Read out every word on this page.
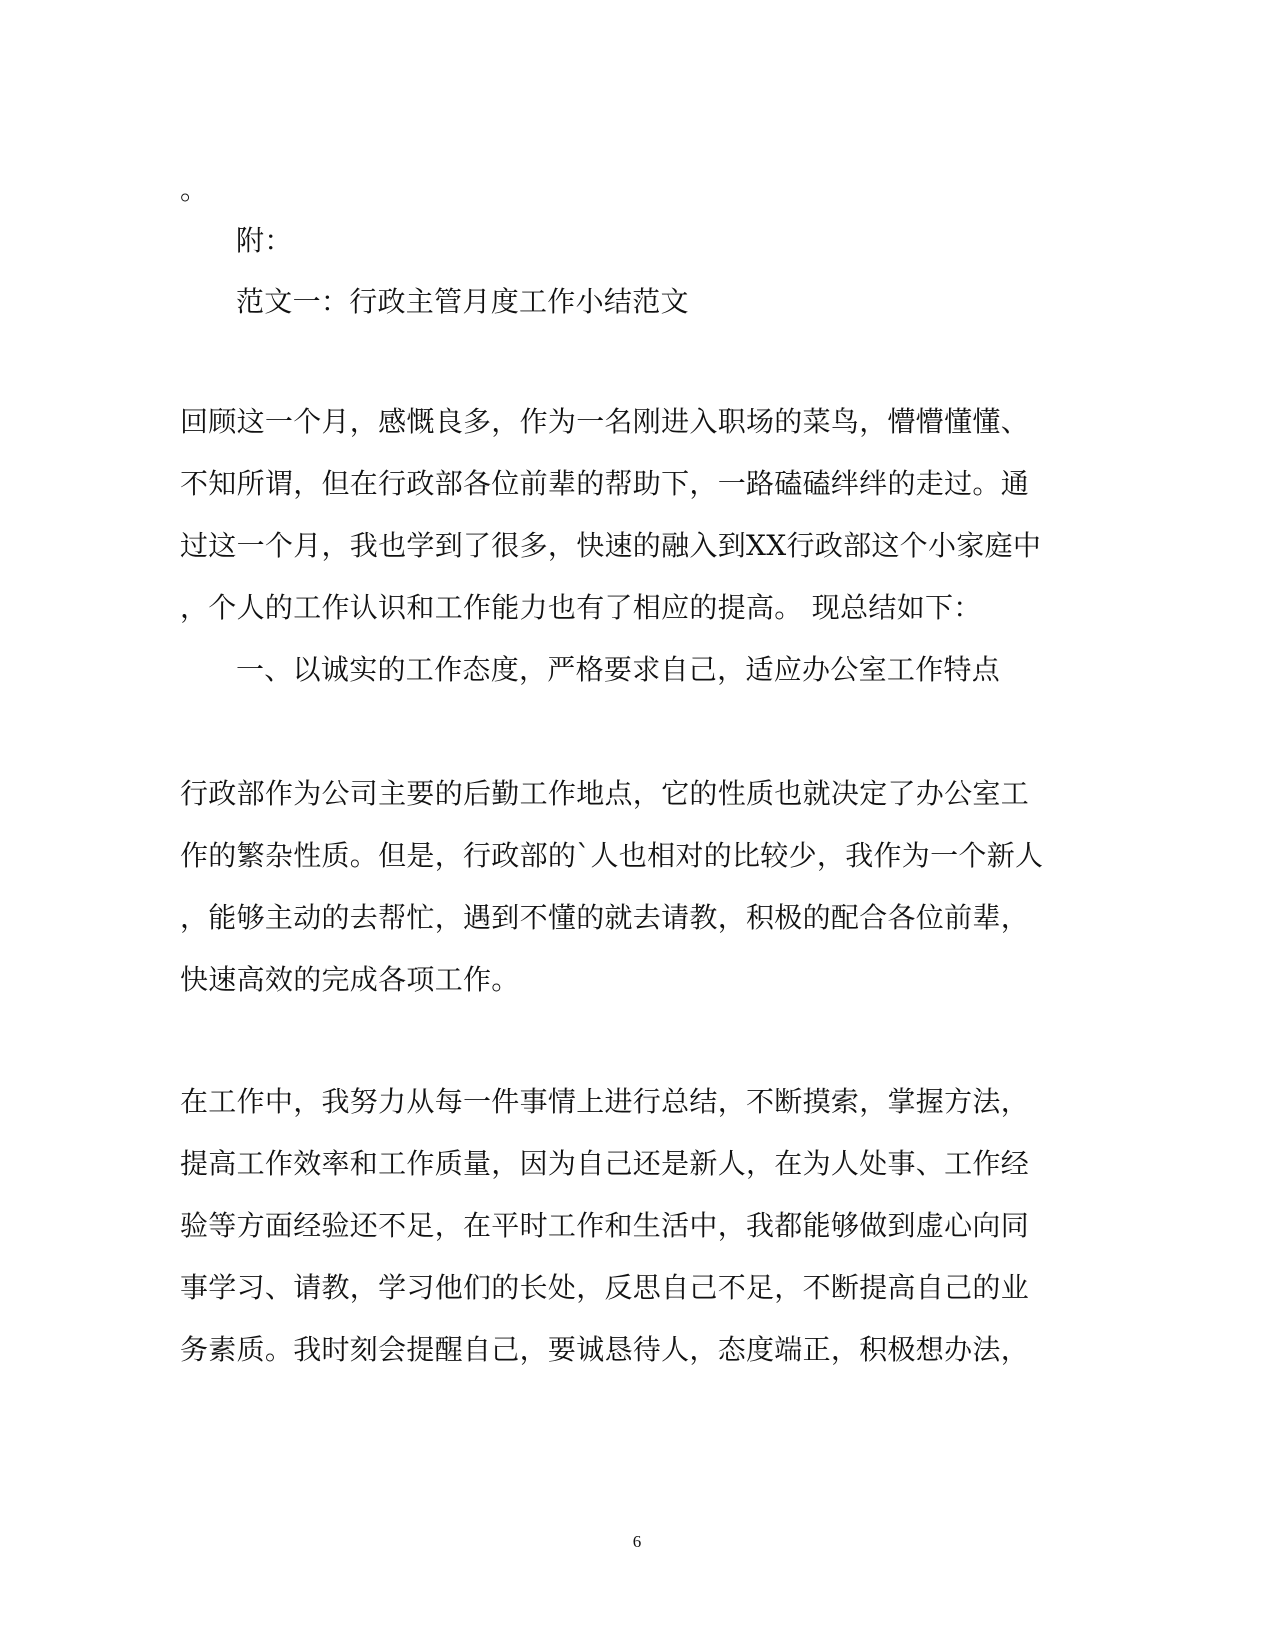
。
附：
范文一：行政主管月度工作小结范文
回顾这一个月，感慨良多，作为一名刚进入职场的菜鸟，懵懵懂懂、
不知所谓，但在行政部各位前辈的帮助下，一路磕磕绊绊的走过。通
过这一个月，我也学到了很多，快速的融入到XX行政部这个小家庭中
，个人的工作认识和工作能力也有了相应的提高。 现总结如下：
一、以诚实的工作态度，严格要求自己，适应办公室工作特点
行政部作为公司主要的后勤工作地点，它的性质也就决定了办公室工
作的繁杂性质。但是，行政部的`人也相对的比较少，我作为一个新人
，能够主动的去帮忙，遇到不懂的就去请教，积极的配合各位前辈，
快速高效的完成各项工作。
在工作中，我努力从每一件事情上进行总结，不断摸索，掌握方法，
提高工作效率和工作质量，因为自己还是新人，在为人处事、工作经
验等方面经验还不足，在平时工作和生活中，我都能够做到虚心向同
事学习、请教，学习他们的长处，反思自己不足，不断提高自己的业
务素质。我时刻会提醒自己，要诚恳待人，态度端正，积极想办法，
6
